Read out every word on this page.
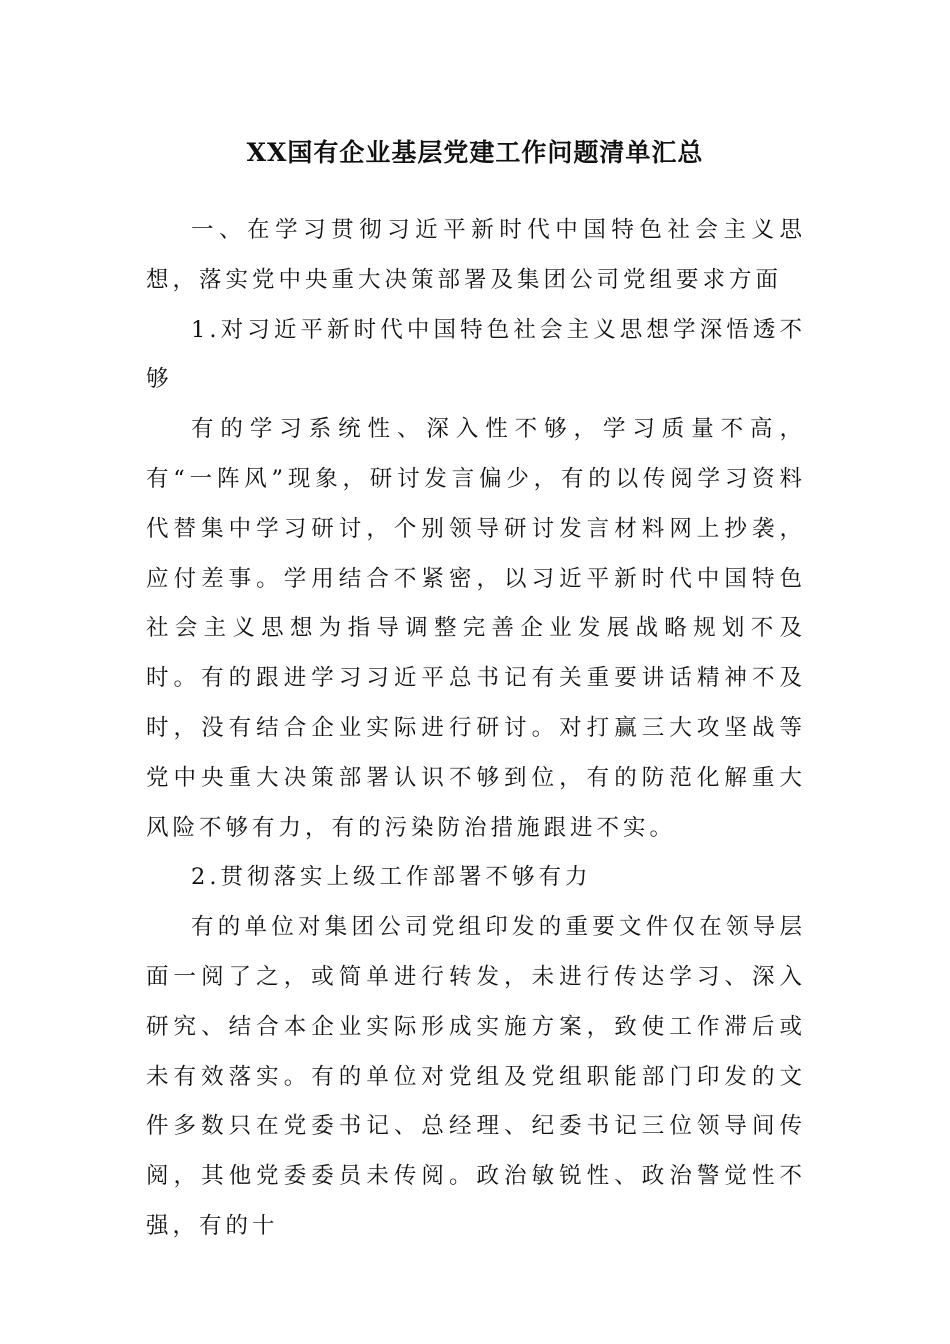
XX国有企业基层党建工作问题清单汇总

一、在学习贯彻习近平新时代中国特色社会主义思想，落实党中央重大决策部署及集团公司党组要求方面

1.对习近平新时代中国特色社会主义思想学深悟透不够

有的学习系统性、深入性不够，学习质量不高，有“一阵风”现象，研讨发言偏少，有的以传阅学习资料代替集中学习研讨，个别领导研讨发言材料网上抄袭，应付差事。学用结合不紧密，以习近平新时代中国特色社会主义思想为指导调整完善企业发展战略规划不及时。有的跟进学习习近平总书记有关重要讲话精神不及时，没有结合企业实际进行研讨。对打赢三大攻坚战等党中央重大决策部署认识不够到位，有的防范化解重大风险不够有力，有的污染防治措施跟进不实。

2.贯彻落实上级工作部署不够有力

有的单位对集团公司党组印发的重要文件仅在领导层面一阅了之，或简单进行转发，未进行传达学习、深入研究、结合本企业实际形成实施方案，致使工作滞后或未有效落实。有的单位对党组及党组职能部门印发的文件多数只在党委书记、总经理、纪委书记三位领导间传阅，其他党委委员未传阅。政治敏锐性、政治警觉性不强，有的十
